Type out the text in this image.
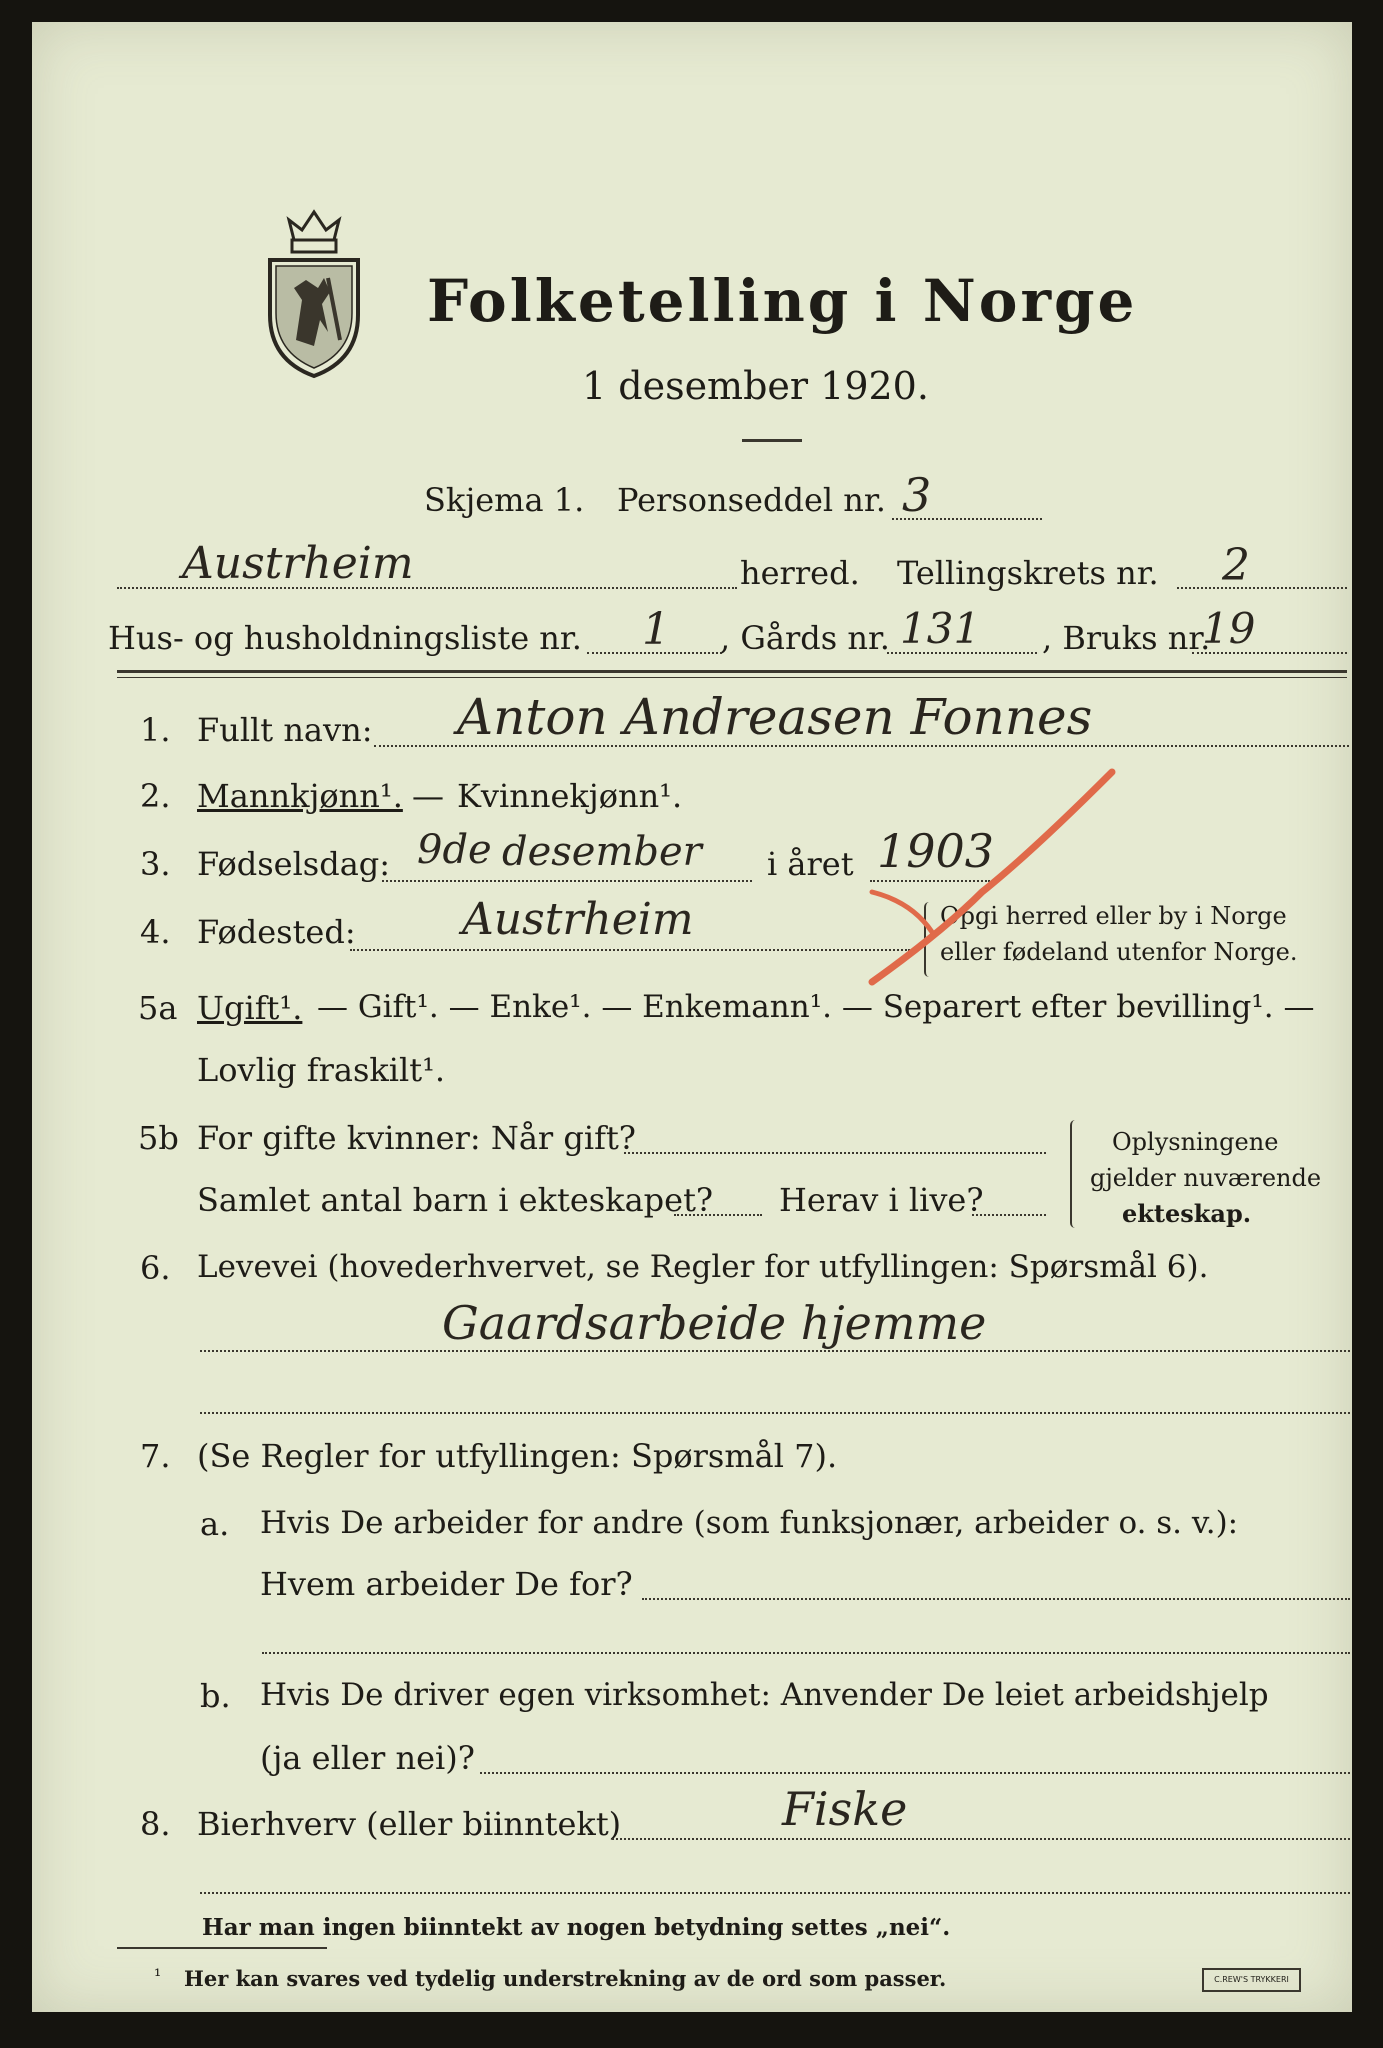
Folketelling i Norge
1 desember 1920.
Skjema 1. Personseddel nr. 3
Austrheim	herred. Tellingskrets nr. 2
Hus- og husholdningsliste nr. 1 , Gårds nr. 131 , Bruks nr.
19
1. Fullt navn: Anton Andreasen Fonnes
2. Mannkjønn¹. — Kvinnekjønn¹.
3. Fødselsdag: 9de desember i året 1903
4. Fødested: Austrheim	Opgi herred eller by i Norge
eller fødeland utenfor Norge.
5a Ugift¹. — Gift¹. — Enke¹. — Enkemann¹. — Separert efter bevilling¹. —
Lovlig fraskilt¹.
5b For gifte kvinner: Når gift?
Samlet antal barn i ekteskapet? Herav i live?
Oplysningene
gjelder nuværende
ekteskap.
6. Levevei (hovederhvervet, se Regler for utfyllingen: Spørsmål 6).
Gaardsarbeide hjemme
7. (Se Regler for utfyllingen: Spørsmål 7).
a. Hvis De arbeider for andre (som funksjonær, arbeider o. s. v.):
Hvem arbeider De for?
b. Hvis De driver egen virksomhet: Anvender De leiet arbeidshjelp
(ja eller nei)?
8. Bierhverv (eller biinntekt)	Fiske
Har man ingen biinntekt av nogen betydning settes „nei“.
¹ Her kan svares ved tydelig understrekning av de ord som passer.	C.REW'S TRYKKERI
